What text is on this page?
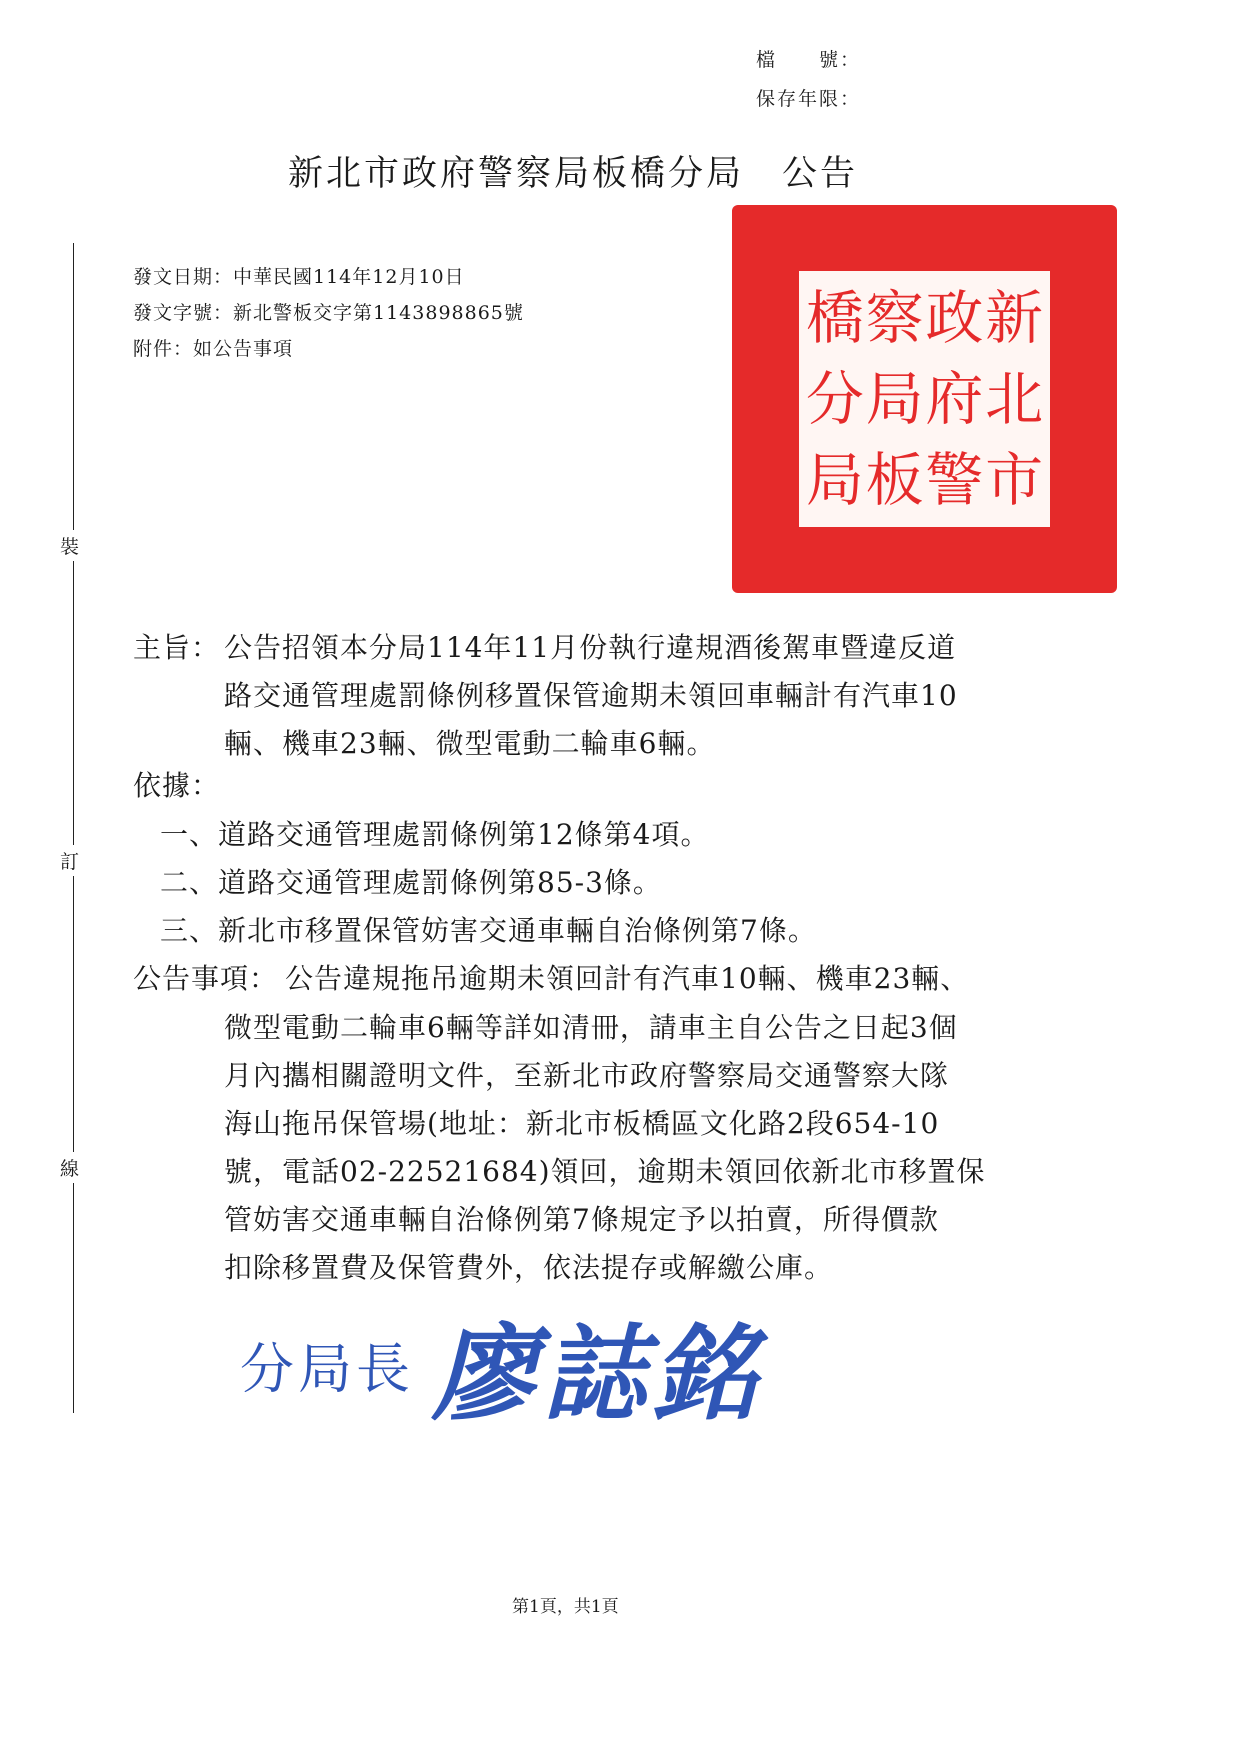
檔　　號：
保存年限：
新北市政府警察局板橋分局　公告
裝
訂
線
發文日期：中華民國114年12月10日
發文字號：新北警板交字第1143898865號
附件：如公告事項	新
北
市
政
府
警
察
局
板
橋
分
局
主旨： 公告招領本分局114年11月份執行違規酒後駕車暨違反道
路交通管理處罰條例移置保管逾期未領回車輛計有汽車10
輛、機車23輛、微型電動二輪車6輛。
依據：
一、道路交通管理處罰條例第12條第4項。
二、道路交通管理處罰條例第85-3條。
三、新北市移置保管妨害交通車輛自治條例第7條。
公告事項： 公告違規拖吊逾期未領回計有汽車10輛、機車23輛、
微型電動二輪車6輛等詳如清冊，請車主自公告之日起3個
月內攜相關證明文件，至新北市政府警察局交通警察大隊
海山拖吊保管場(地址：新北市板橋區文化路2段654-10
號，電話02-22521684)領回，逾期未領回依新北市移置保
管妨害交通車輛自治條例第7條規定予以拍賣，所得價款
扣除移置費及保管費外，依法提存或解繳公庫。
分局長 廖誌銘
第1頁，共1頁
